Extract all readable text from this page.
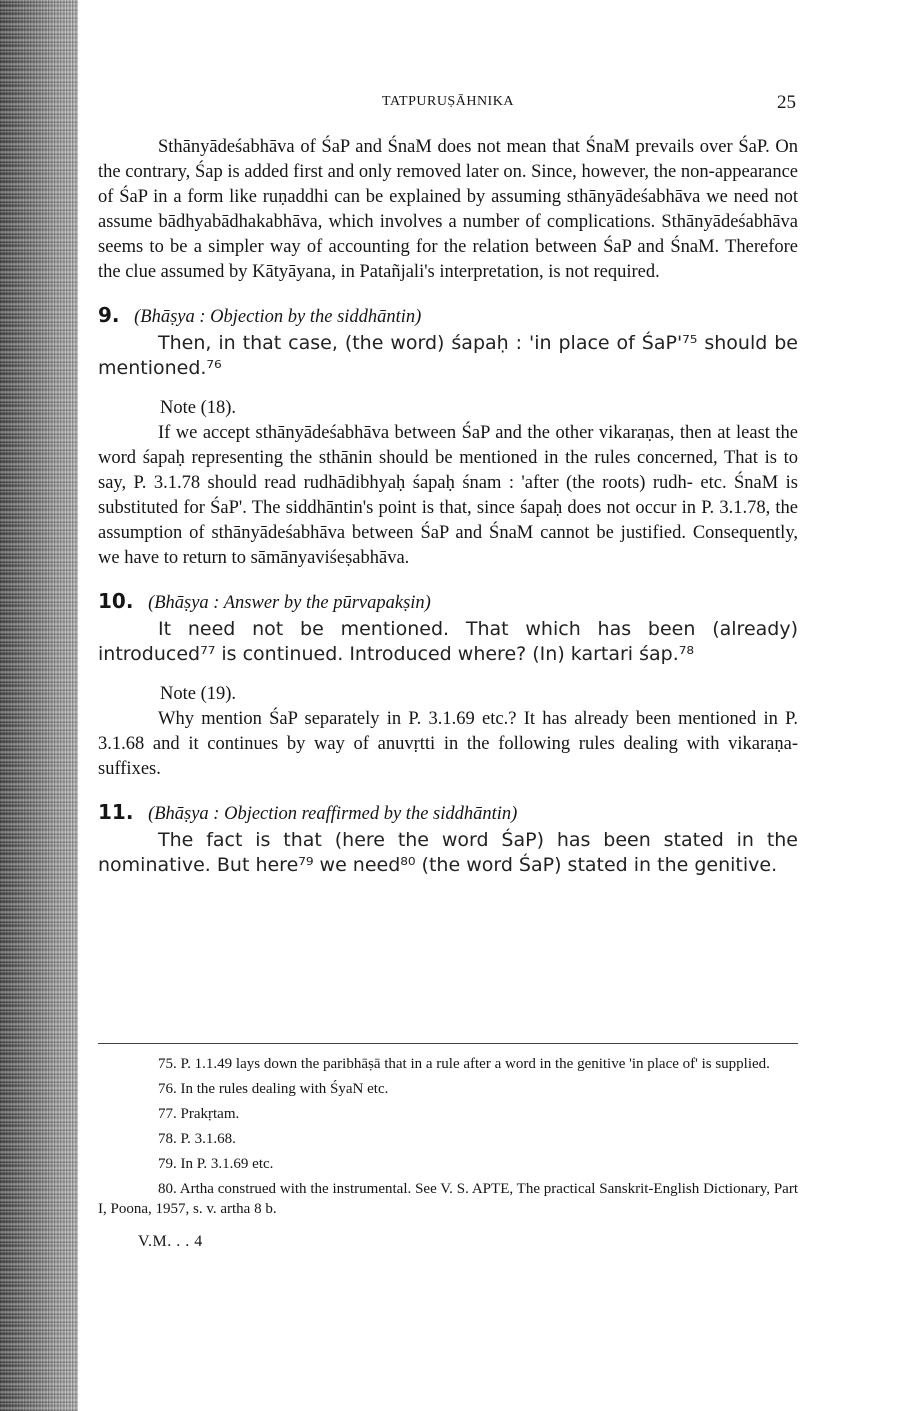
TATPURUṢĀHNIKA	25

Sthānyādeśabhāva of ŚaP and ŚnaM does not mean that ŚnaM prevails over ŚaP. On the contrary, Śap is added first and only removed later on. Since, however, the non-appearance of ŚaP in a form like ruṇaddhi can be explained by assuming sthānyādeśabhāva we need not assume bādhyabādhakabhāva, which involves a number of complications. Sthānyādeśabhāva seems to be a simpler way of accounting for the relation between ŚaP and ŚnaM. Therefore the clue assumed by Kātyāyana, in Patañjali's interpretation, is not required.

9. (Bhāṣya : Objection by the siddhāntin)

Then, in that case, (the word) śapaḥ : 'in place of ŚaP'⁷⁵ should be mentioned.⁷⁶

Note (18).

If we accept sthānyādeśabhāva between ŚaP and the other vikaraṇas, then at least the word śapaḥ representing the sthānin should be mentioned in the rules concerned, That is to say, P. 3.1.78 should read rudhādibhyaḥ śapaḥ śnam : 'after (the roots) rudh- etc. ŚnaM is substituted for ŚaP'. The siddhāntin's point is that, since śapaḥ does not occur in P. 3.1.78, the assumption of sthānyādeśabhāva between ŚaP and ŚnaM cannot be justified. Consequently, we have to return to sāmānyaviśeṣabhāva.

10. (Bhāṣya : Answer by the pūrvapakṣin)

It need not be mentioned. That which has been (already) introduced⁷⁷ is continued. Introduced where? (In) kartari śap.⁷⁸

Note (19).

Why mention ŚaP separately in P. 3.1.69 etc.? It has already been mentioned in P. 3.1.68 and it continues by way of anuvṛtti in the following rules dealing with vikaraṇa-suffixes.

11. (Bhāṣya : Objection reaffirmed by the siddhāntin)

The fact is that (here the word ŚaP) has been stated in the nominative. But here⁷⁹ we need⁸⁰ (the word ŚaP) stated in the genitive.

75. P. 1.1.49 lays down the paribhāṣā that in a rule after a word in the genitive 'in place of' is supplied.

76. In the rules dealing with ŚyaN etc.

77. Prakṛtam.

78. P. 3.1.68.

79. In P. 3.1.69 etc.

80. Artha construed with the instrumental. See V. S. APTE, The practical Sanskrit-English Dictionary, Part I, Poona, 1957, s. v. artha 8 b.

V.M. . . 4
